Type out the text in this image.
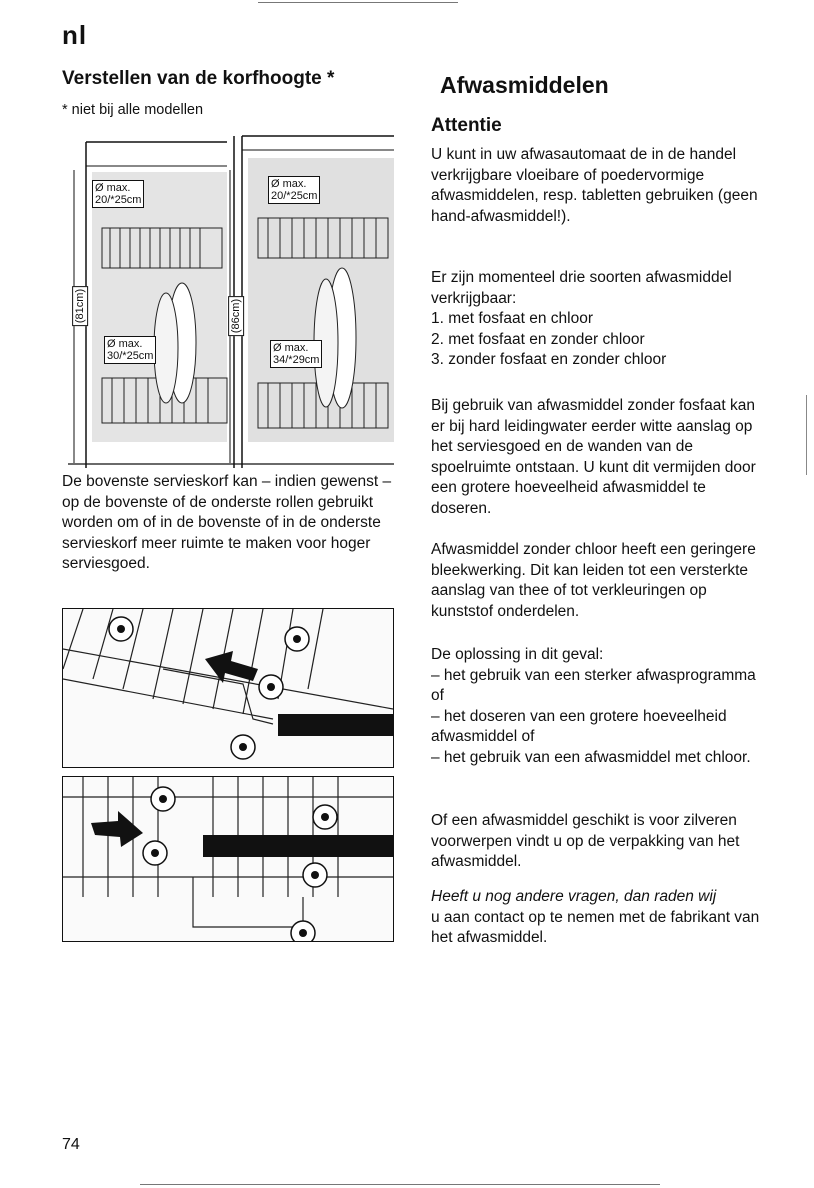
nl
Verstellen van de korfhoogte *
* niet bij alle modellen
Ø max.
20/*25cm
Ø max.
30/*25cm
Ø max.
20/*25cm
Ø max.
34/*29cm
(81cm)	(86cm)
De bovenste servieskorf kan – indien gewenst – op de bovenste of de onderste rollen gebruikt worden om of in de bovenste of in de onderste servieskorf meer ruimte te maken voor hoger serviesgoed.
Afwasmiddelen
Attentie
U kunt in uw afwasautomaat de in de handel verkrijgbare vloeibare of poedervormige afwasmiddelen, resp. tabletten gebruiken (geen hand-afwasmiddel!).

Er zijn momenteel drie soorten afwasmiddel verkrijgbaar:

1. met fosfaat en chloor

2. met fosfaat en zonder chloor

3. zonder fosfaat en zonder chloor

Bij gebruik van afwasmiddel zonder fosfaat kan er bij hard leidingwater eerder witte aanslag op het serviesgoed en de wanden van de spoelruimte ontstaan. U kunt dit vermijden door een grotere hoeveelheid afwasmiddel te doseren.
Afwasmiddel zonder chloor heeft een geringere bleekwerking. Dit kan leiden tot een versterkte aanslag van thee of tot verkleuringen op kunststof onderdelen.

De oplossing in dit geval:

– het gebruik van een sterker afwasprogramma of

– het doseren van een grotere hoeveelheid afwasmiddel of

– het gebruik van een afwasmiddel met chloor.

Of een afwasmiddel geschikt is voor zilveren voorwerpen vindt u op de verpakking van het afwasmiddel.

Heeft u nog andere vragen, dan raden wij

u aan contact op te nemen met de fabrikant van het afwasmiddel.

74
